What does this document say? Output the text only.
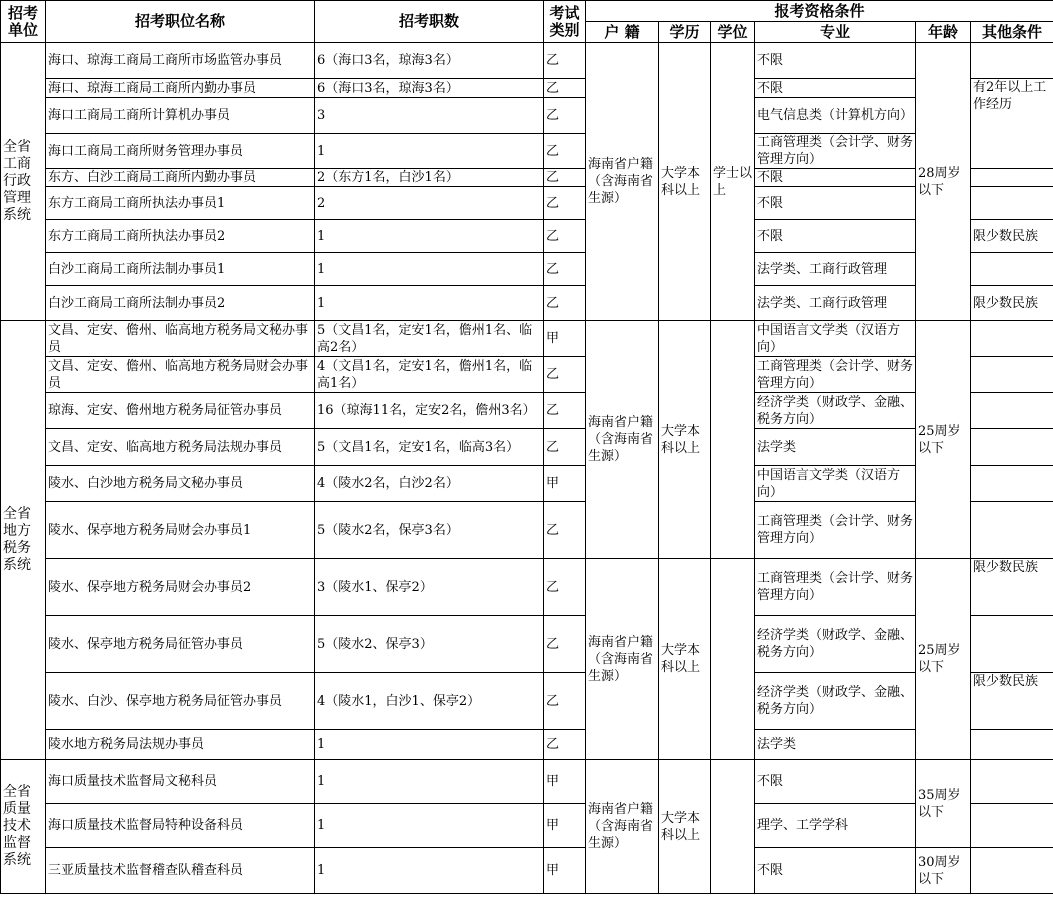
招考单位	招考职位名称	招考职数	考试类别	报考资格条件					
				户 籍	学历	学位	专业	年龄	其他条件
全省工商行政管理系统	海口、琼海工商局工商所市场监管办事员	6（海口3名，琼海3名）	乙	海南省户籍（含海南省生源）	大学本科以上	学士以上	不限	28周岁以下	
	海口、琼海工商局工商所内勤办事员	6（海口3名，琼海3名）	乙				不限		有2年以上工作经历
	海口工商局工商所计算机办事员	3	乙				电气信息类（计算机方向）		
	海口工商局工商所财务管理办事员	1	乙				工商管理类（会计学、财务管理方向）		
	东方、白沙工商局工商所内勤办事员	2（东方1名，白沙1名）	乙				不限		
	东方工商局工商所执法办事员1	2	乙				不限		
	东方工商局工商所执法办事员2	1	乙				不限		限少数民族
	白沙工商局工商所法制办事员1	1	乙				法学类、工商行政管理		
	白沙工商局工商所法制办事员2	1	乙				法学类、工商行政管理		限少数民族
全省地方税务系统	文昌、定安、儋州、临高地方税务局文秘办事员	5（文昌1名，定安1名，儋州1名、临高2名）	甲	海南省户籍（含海南省生源）	大学本科以上		中国语言文学类（汉语方向）	25周岁以下	
	文昌、定安、儋州、临高地方税务局财会办事员	4（文昌1名，定安1名，儋州1名，临高1名）	乙				工商管理类（会计学、财务管理方向）		
	琼海、定安、儋州地方税务局征管办事员	16（琼海11名，定安2名，儋州3名）	乙				经济学类（财政学、金融、税务方向）		
	文昌、定安、临高地方税务局法规办事员	5（文昌1名，定安1名，临高3名）	乙				法学类		
	陵水、白沙地方税务局文秘办事员	4（陵水2名，白沙2名）	甲				中国语言文学类（汉语方向）		
	陵水、保亭地方税务局财会办事员1	5（陵水2名，保亭3名）	乙				工商管理类（会计学、财务管理方向）		
	陵水、保亭地方税务局财会办事员2	3（陵水1、保亭2）	乙	海南省户籍（含海南省生源）	大学本科以上		工商管理类（会计学、财务管理方向）	25周岁以下	限少数民族
	陵水、保亭地方税务局征管办事员	5（陵水2、保亭3）	乙				经济学类（财政学、金融、税务方向）		
	陵水、白沙、保亭地方税务局征管办事员	4（陵水1，白沙1、保亭2）	乙				经济学类（财政学、金融、税务方向）		限少数民族
	陵水地方税务局法规办事员	1	乙				法学类		
全省质量技术监督系统	海口质量技术监督局文秘科员	1	甲	海南省户籍（含海南省生源）	大学本科以上		不限	35周岁以下	
	海口质量技术监督局特种设备科员	1	甲				理学、工学学科		
	三亚质量技术监督稽查队稽查科员	1	甲				不限	30周岁以下	
